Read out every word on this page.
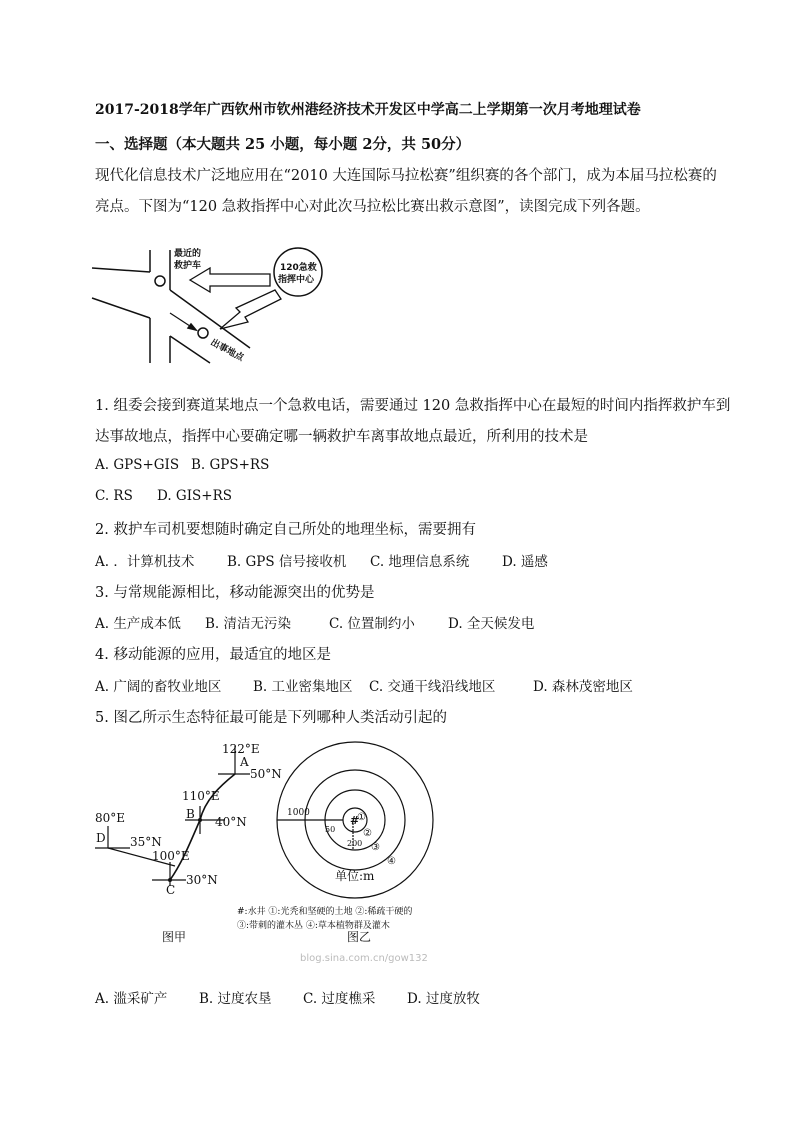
2017-2018学年广西钦州市钦州港经济技术开发区中学高二上学期第一次月考地理试卷
一、选择题（本大题共 25 小题，每小题 2分，共 50分）
现代化信息技术广泛地应用在“2010 大连国际马拉松赛”组织赛的各个部门，成为本届马拉松赛的
亮点。下图为“120 急救指挥中心对此次马拉松比赛出救示意图”，读图完成下列各题。
最近的
救护车	120急救
指挥中心
出事地点
1. 组委会接到赛道某地点一个急救电话，需要通过 120 急救指挥中心在最短的时间内指挥救护车到
达事故地点，指挥中心要确定哪一辆救护车离事故地点最近，所利用的技术是
A. GPS+GIS B. GPS+RS
C. RS D. GIS+RS
2. 救护车司机要想随时确定自己所处的地理坐标，需要拥有
A. ．计算机技术 B. GPS 信号接收机 C. 地理信息系统 D. 遥感
3. 与常规能源相比，移动能源突出的优势是
A. 生产成本低 B. 清洁无污染	C. 位置制约小 D. 全天候发电
4. 移动能源的应用，最适宜的地区是
A. 广阔的畜牧业地区 B. 工业密集地区 C. 交通干线沿线地区	D. 森林茂密地区
5. 图乙所示生态特征最可能是下列哪种人类活动引起的
122°E
A
50°N
110°E
B
40°N
80°E
D 35°N
100°E
C
30°N
图甲
#
1000
50
200
①
②
③
④
单位:m
图乙
#:水井 ①:光秃和坚硬的土地 ②:稀疏干硬的
③:带刺的灌木丛 ④:草本植物群及灌木
blog.sina.com.cn/gow132
A. 滥采矿产 B. 过度农垦 C. 过度樵采 D. 过度放牧
